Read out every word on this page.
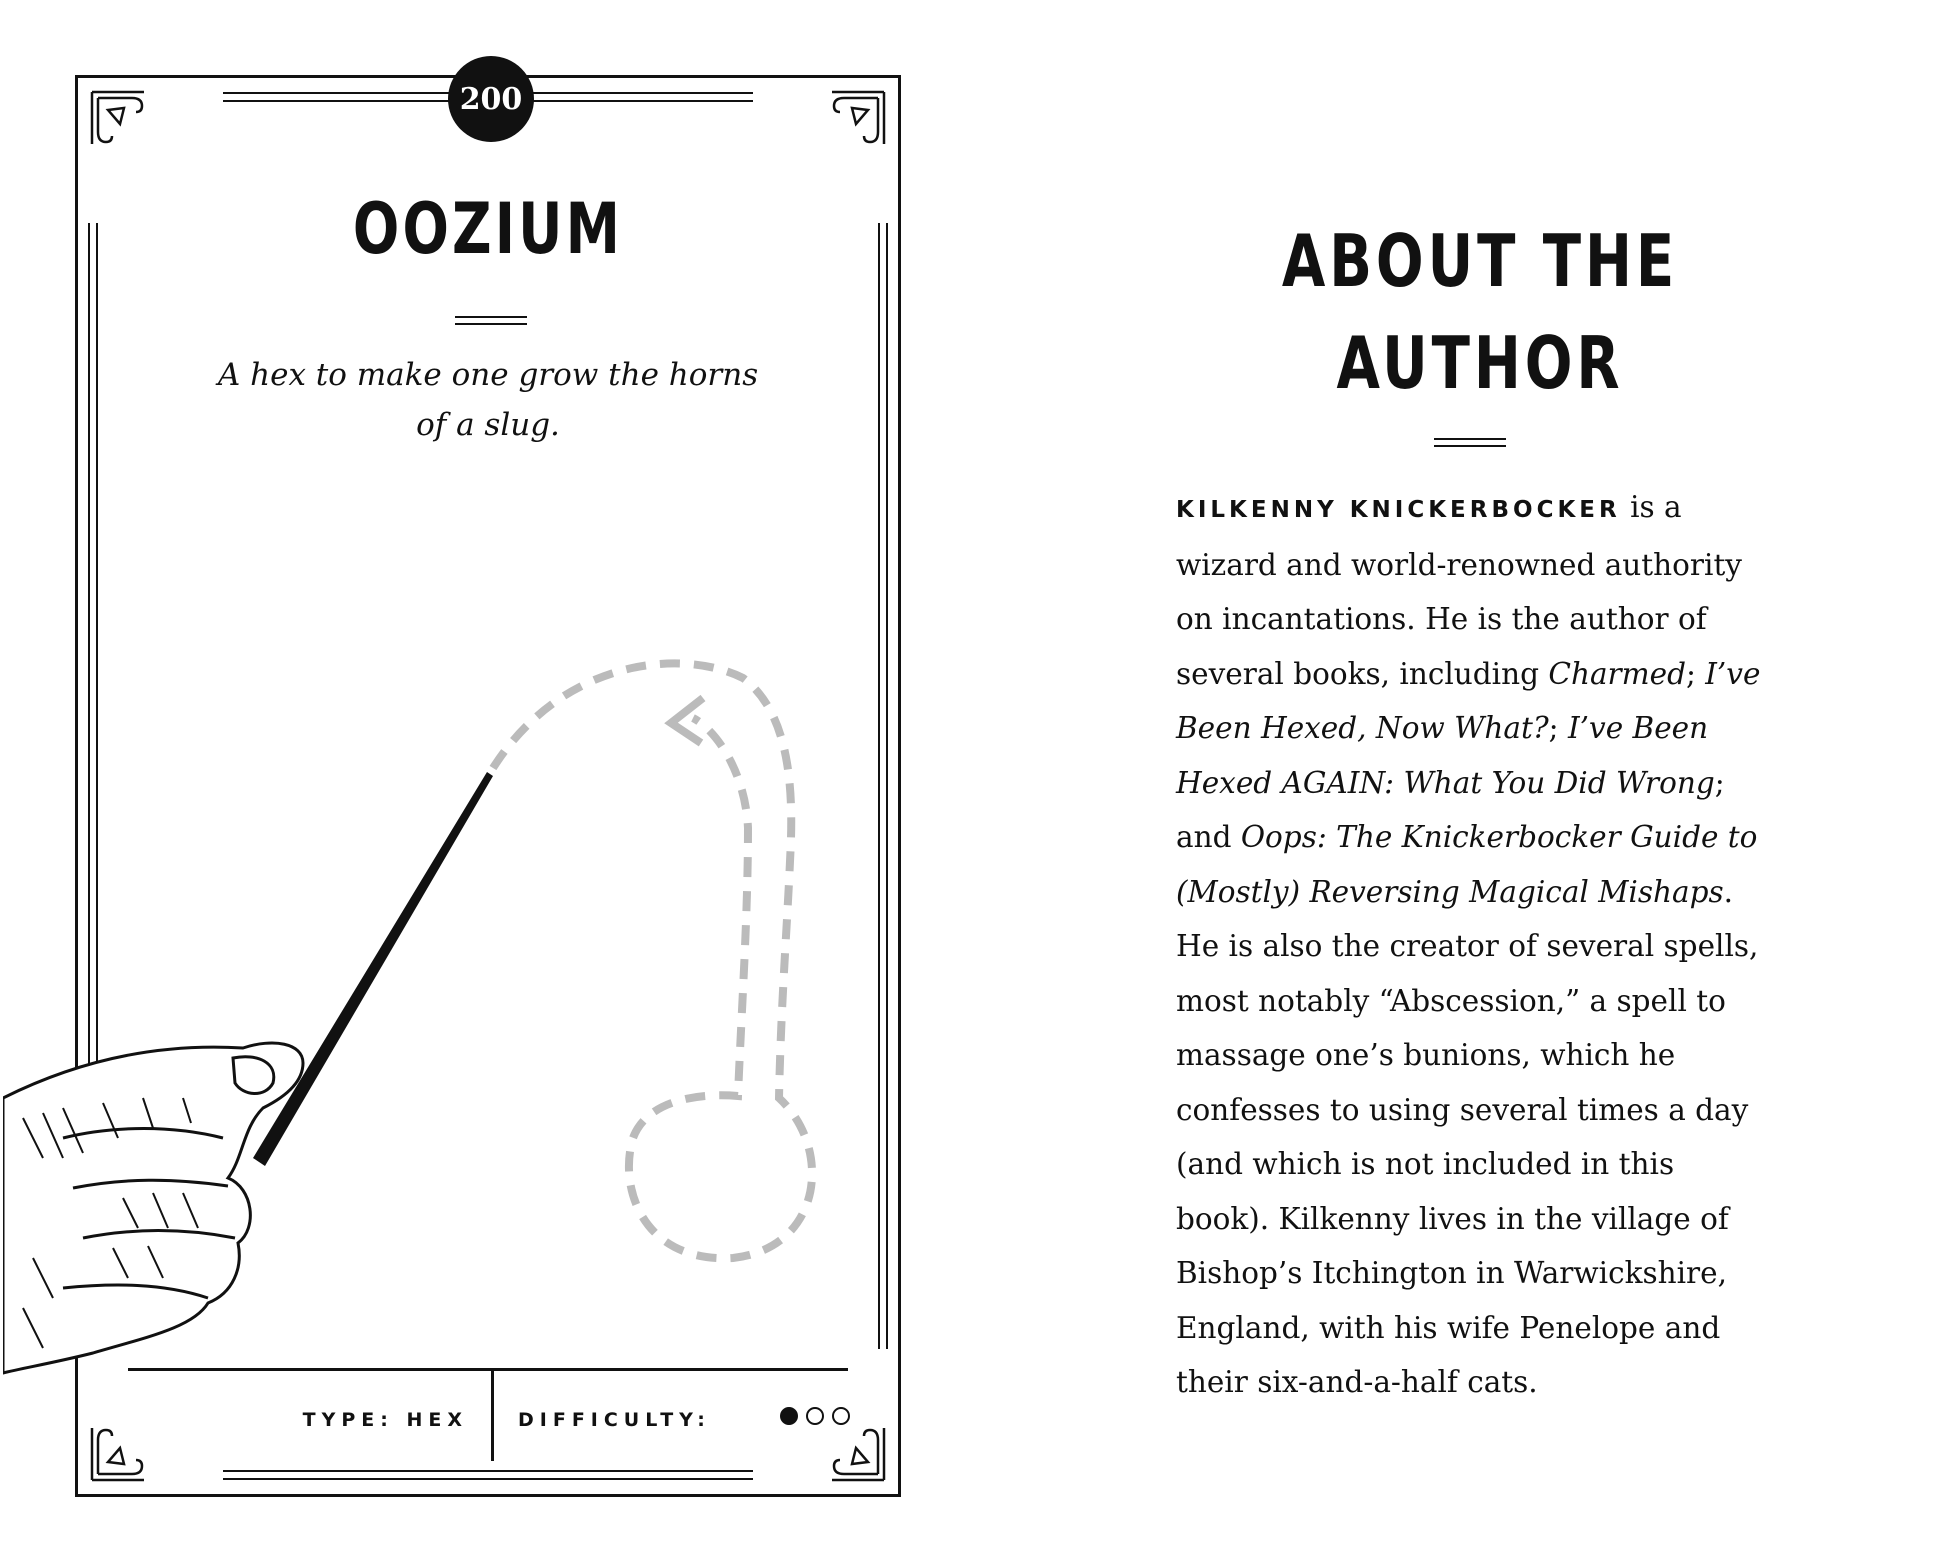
200
OOZIUM
A hex to make one grow the horns of a slug.
TYPE: HEX	DIFFICULTY:
ABOUT THE
AUTHOR
KILKENNY KNICKERBOCKER is a wizard and world-renowned authority on incantations. He is the author of several books, including Charmed; I’ve Been Hexed, Now What?; I’ve Been Hexed AGAIN: What You Did Wrong; and Oops: The Knickerbocker Guide to (Mostly) Reversing Magical Mishaps. He is also the creator of several spells, most notably “Abscession,” a spell to massage one’s bunions, which he confesses to using several times a day (and which is not included in this book). Kilkenny lives in the village of Bishop’s Itchington in Warwickshire, England, with his wife Penelope and their six-and-a-half cats.
